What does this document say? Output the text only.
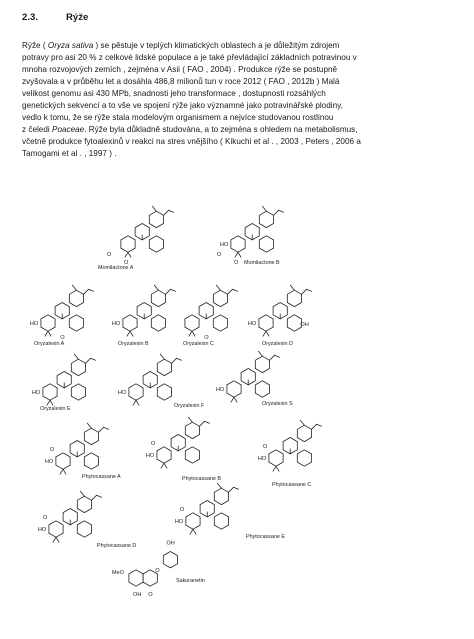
2.3.	Rýže
Rýže ( Oryza sativa ) se pěstuje v teplých klimatických oblastech a je důležitým zdrojem
potravy pro asi 20 % z celkové lidské populace a je také převládající základních potravinou v
mnoha rozvojových zemích , zejména v Asii ( FAO , 2004) . Produkce rýže se postupně
zvyšovala a v průběhu let a dosáhla 486,8 milionů tun v roce 2012 ( FAO , 2012b ) Malá
velikost genomu asi 430 MPb, snadnosti jeho transformace , dostupnosti rozsáhlých
genetických sekvencí a to vše ve spojení rýže jako významné jako potravinářské plodiny,
vedlo k tomu, že se rýže stala modelovým organismem a nejvíce studovanou rostlinou
z čeledi Poaceae. Rýže byla důkladně studována, a to zejména s ohledem na metabolismus,
včetně produkce fytoalexinů v reakci na stres vnějšího ( Kikuchi et al . , 2003 , Peters , 2006 a
Tamogami et al . , 1997 ) .
O
O
Momilactone A
HO
O
O
Momilactone B
HO
O
Oryzalexin A
HO
Oryzalexin B
O
Oryzalexin C
HO	OH
Oryzalexin D
HO
Oryzalexin E
HO
Oryzalexin F
HO
Oryzalexin S
HO
O
Phytocassane A
HO
O
Phytocassane B
HO
O
Phytocassane C
HO
O
Phytocassane D
HO
O
Phytocassane E
MeO
OH O
O
OH
Sakuranetin
